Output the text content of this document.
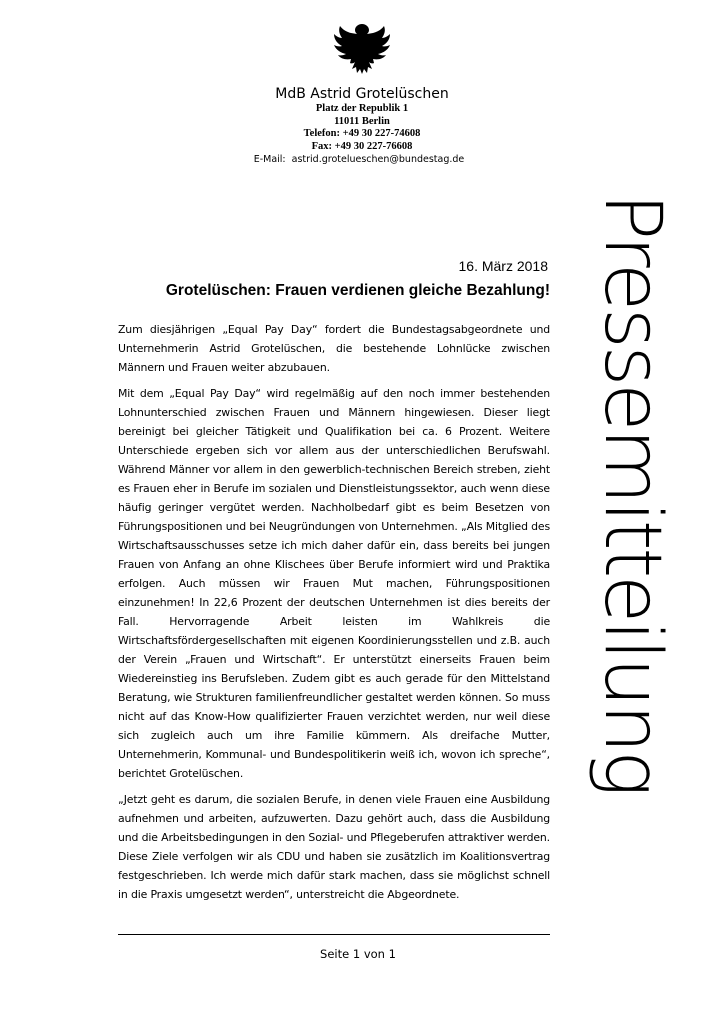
MdB Astrid Grotelüschen
Platz der Republik 1
11011 Berlin
Telefon: +49 30 227-74608
Fax: +49 30 227-76608
E-Mail: astrid.grotelueschen@bundestag.de
Pressemitteilung
16. März 2018
Grotelüschen: Frauen verdienen gleiche Bezahlung!

Zum diesjährigen „Equal Pay Day“ fordert die Bundestagsabgeordnete und Unternehmerin Astrid Grotelüschen, die bestehende Lohnlücke zwischen Männern und Frauen weiter abzubauen.

Mit dem „Equal Pay Day“ wird regelmäßig auf den noch immer bestehenden Lohnunterschied zwischen Frauen und Männern hingewiesen. Dieser liegt bereinigt bei gleicher Tätigkeit und Qualifikation bei ca. 6 Prozent. Weitere Unterschiede ergeben sich vor allem aus der unterschiedlichen Berufswahl. Während Männer vor allem in den gewerblich-technischen Bereich streben, zieht es Frauen eher in Berufe im sozialen und Dienstleistungssektor, auch wenn diese häufig geringer vergütet werden. Nachholbedarf gibt es beim Besetzen von Führungspositionen und bei Neugründungen von Unternehmen. „Als Mitglied des Wirtschaftsausschusses setze ich mich daher dafür ein, dass bereits bei jungen Frauen von Anfang an ohne Klischees über Berufe informiert wird und Praktika erfolgen. Auch müssen wir Frauen Mut machen, Führungspositionen einzunehmen! In 22,6 Prozent der deutschen Unternehmen ist dies bereits der Fall. Hervorragende Arbeit leisten im Wahlkreis die Wirtschaftsfördergesellschaften mit eigenen Koordinierungsstellen und z.B. auch der Verein „Frauen und Wirtschaft“. Er unterstützt einerseits Frauen beim Wiedereinstieg ins Berufsleben. Zudem gibt es auch gerade für den Mittelstand Beratung, wie Strukturen familienfreundlicher gestaltet werden können. So muss nicht auf das Know-How qualifizierter Frauen verzichtet werden, nur weil diese sich zugleich auch um ihre Familie kümmern. Als dreifache Mutter, Unternehmerin, Kommunal- und Bundespolitikerin weiß ich, wovon ich spreche“, berichtet Grotelüschen.

„Jetzt geht es darum, die sozialen Berufe, in denen viele Frauen eine Ausbildung aufnehmen und arbeiten, aufzuwerten. Dazu gehört auch, dass die Ausbildung und die Arbeitsbedingungen in den Sozial- und Pflegeberufen attraktiver werden. Diese Ziele verfolgen wir als CDU und haben sie zusätzlich im Koalitionsvertrag festgeschrieben. Ich werde mich dafür stark machen, dass sie möglichst schnell in die Praxis umgesetzt werden“, unterstreicht die Abgeordnete.

Seite 1 von 1
